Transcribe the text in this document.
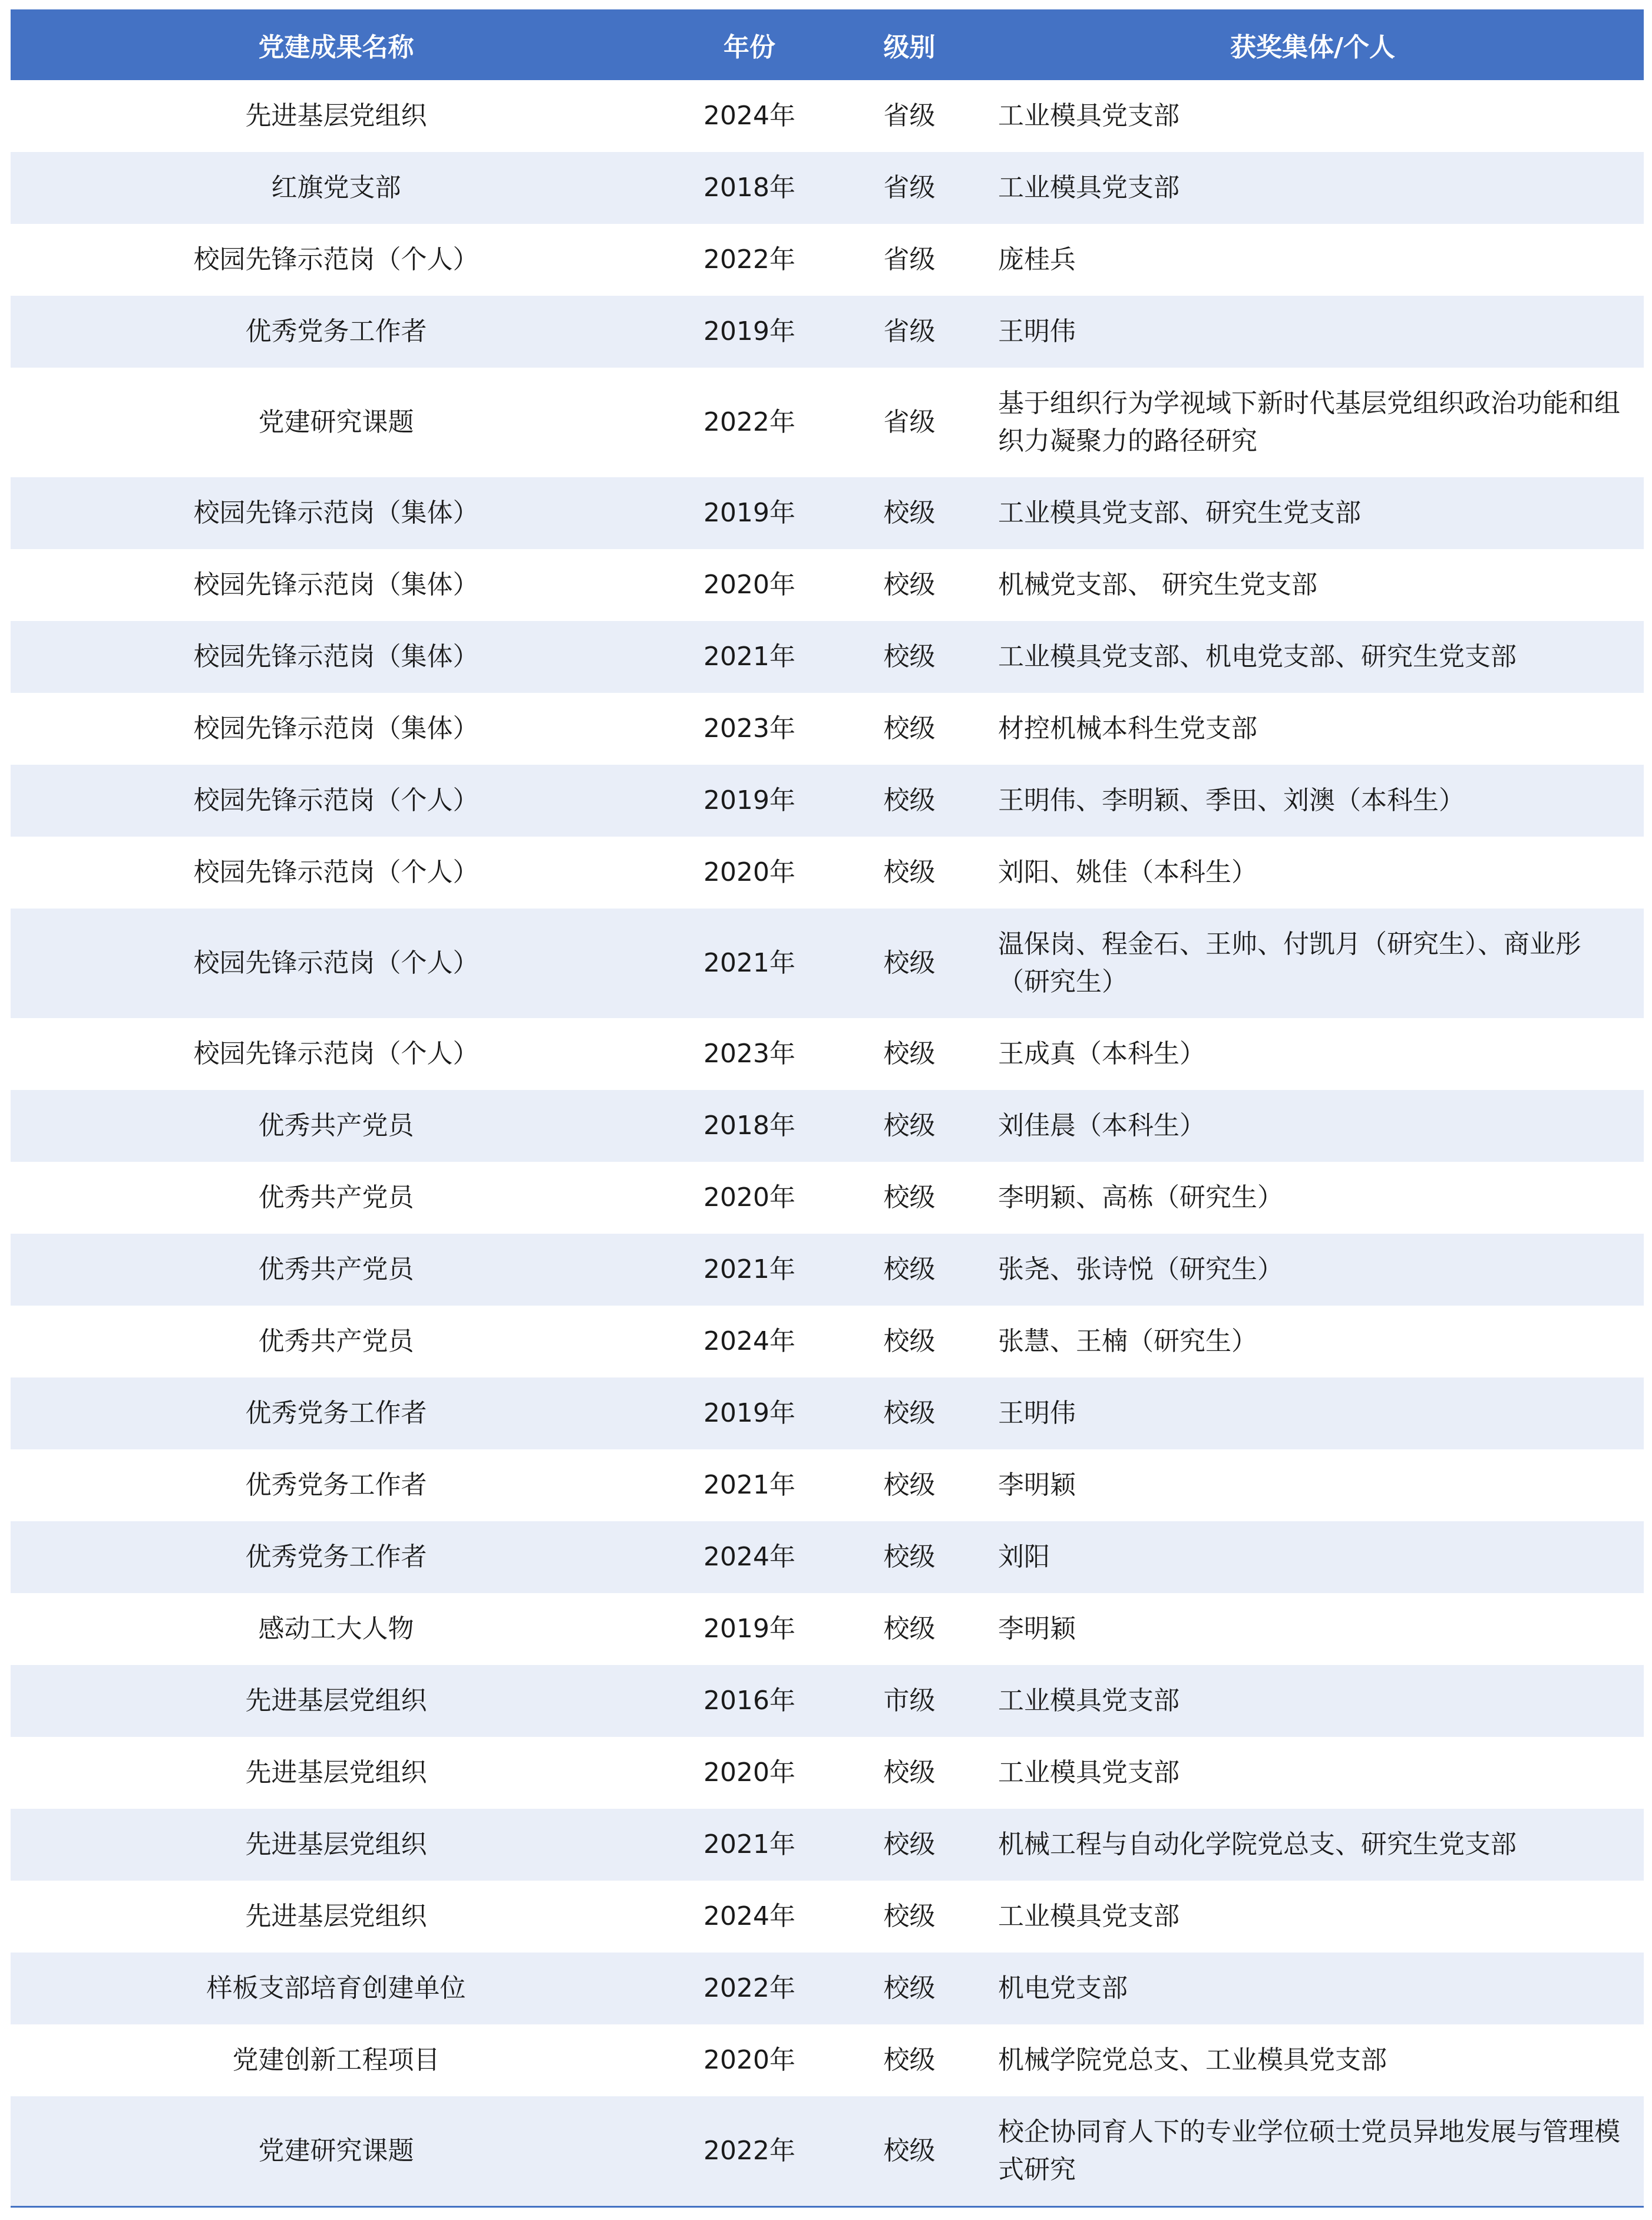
党建成果名称	年份	级别	获奖集体/个人
先进基层党组织	2024年	省级	工业模具党支部
红旗党支部	2018年	省级	工业模具党支部
校园先锋示范岗（个人）	2022年	省级	庞桂兵
优秀党务工作者	2019年	省级	王明伟
党建研究课题	2022年	省级	基于组织行为学视域下新时代基层党组织政治功能和组织力凝聚力的路径研究
校园先锋示范岗（集体）	2019年	校级	工业模具党支部、研究生党支部
校园先锋示范岗（集体）	2020年	校级	机械党支部、 研究生党支部
校园先锋示范岗（集体）	2021年	校级	工业模具党支部、机电党支部、研究生党支部
校园先锋示范岗（集体）	2023年	校级	材控机械本科生党支部
校园先锋示范岗（个人）	2019年	校级	王明伟、李明颖、季田、刘澳（本科生）
校园先锋示范岗（个人）	2020年	校级	刘阳、姚佳（本科生）
校园先锋示范岗（个人）	2021年	校级	温保岗、程金石、王帅、付凯月（研究生）、商业彤（研究生）
校园先锋示范岗（个人）	2023年	校级	王成真（本科生）
优秀共产党员	2018年	校级	刘佳晨（本科生）
优秀共产党员	2020年	校级	李明颖、高栋（研究生）
优秀共产党员	2021年	校级	张尧、张诗悦（研究生）
优秀共产党员	2024年	校级	张慧、王楠（研究生）
优秀党务工作者	2019年	校级	王明伟
优秀党务工作者	2021年	校级	李明颖
优秀党务工作者	2024年	校级	刘阳
感动工大人物	2019年	校级	李明颖
先进基层党组织	2016年	市级	工业模具党支部
先进基层党组织	2020年	校级	工业模具党支部
先进基层党组织	2021年	校级	机械工程与自动化学院党总支、研究生党支部
先进基层党组织	2024年	校级	工业模具党支部
样板支部培育创建单位	2022年	校级	机电党支部
党建创新工程项目	2020年	校级	机械学院党总支、工业模具党支部
党建研究课题	2022年	校级	校企协同育人下的专业学位硕士党员异地发展与管理模式研究
